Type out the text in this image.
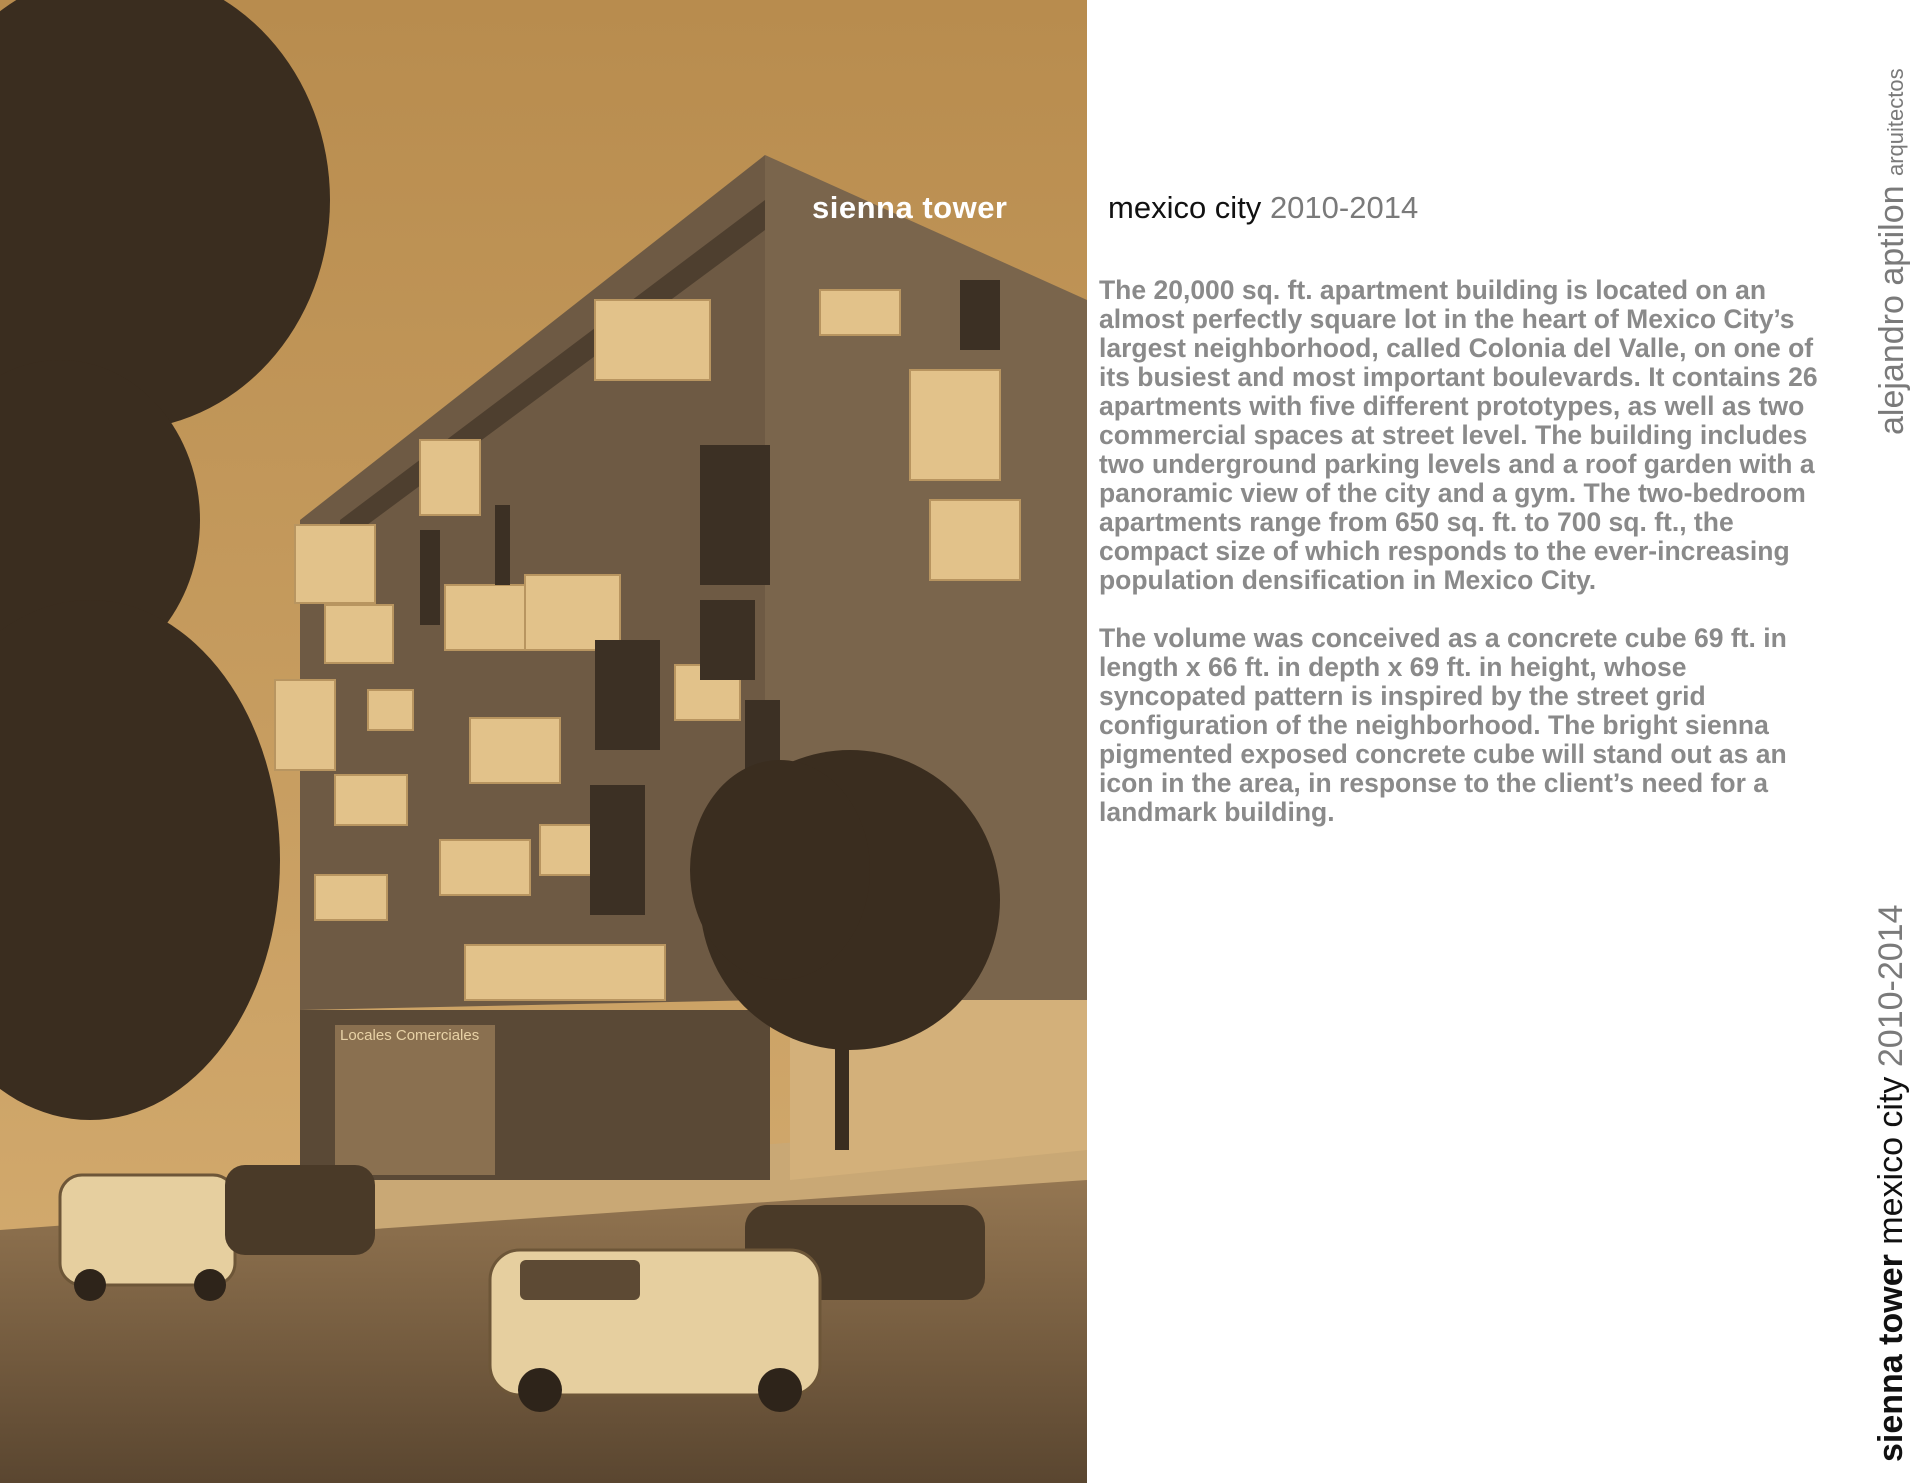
Locales Comerciales
sienna tower	mexico city 2010-2014

The 20,000 sq. ft. apartment building is located on an almost perfectly square lot in the heart of Mexico City’s largest neighborhood, called Colonia del Valle, on one of its busiest and most important boulevards. It contains 26 apartments with five different prototypes, as well as two commercial spaces at street level. The building includes two underground parking levels and a roof garden with a panoramic view of the city and a gym. The two-bedroom apartments range from 650 sq. ft. to 700 sq. ft., the compact size of which responds to the ever-increasing population densification in Mexico City.

The volume was conceived as a concrete cube 69 ft. in length x 66 ft. in depth x 69 ft. in height, whose syncopated pattern is inspired by the street grid configuration of the neighborhood. The bright sienna pigmented exposed concrete cube will stand out as an icon in the area, in response to the client’s need for a landmark building.

alejandro aptilon arquitectos
sienna tower mexico city 2010-2014
